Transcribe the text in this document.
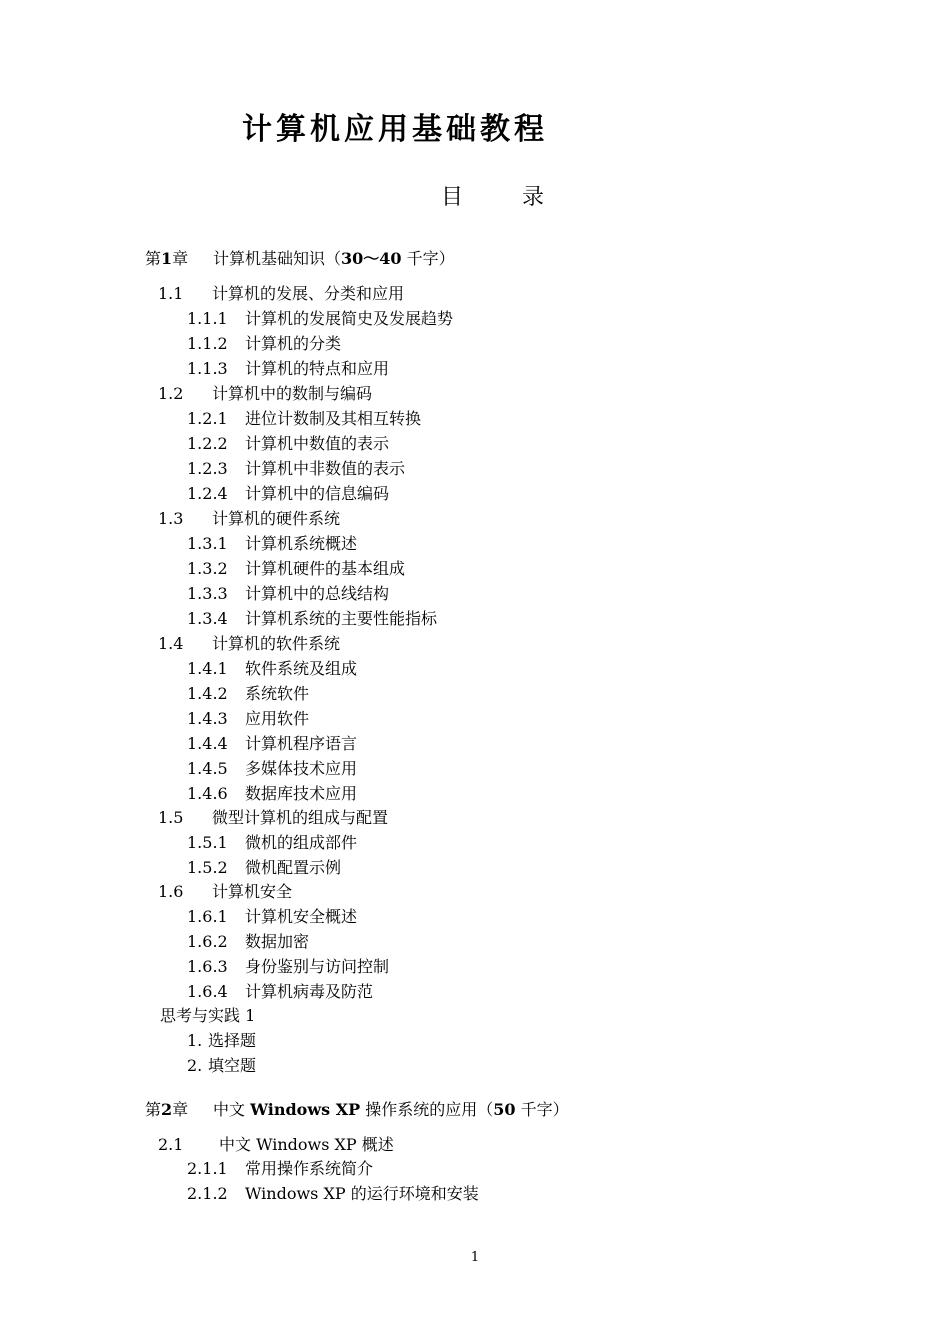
计算机应用基础教程
目 录
第1章 计算机基础知识（30～40 千字）
1.1 计算机的发展、分类和应用
1.1.1 计算机的发展简史及发展趋势
1.1.2 计算机的分类
1.1.3 计算机的特点和应用
1.2 计算机中的数制与编码
1.2.1 进位计数制及其相互转换
1.2.2 计算机中数值的表示
1.2.3 计算机中非数值的表示
1.2.4 计算机中的信息编码
1.3 计算机的硬件系统
1.3.1 计算机系统概述
1.3.2 计算机硬件的基本组成
1.3.3 计算机中的总线结构
1.3.4 计算机系统的主要性能指标
1.4 计算机的软件系统
1.4.1 软件系统及组成
1.4.2 系统软件
1.4.3 应用软件
1.4.4 计算机程序语言
1.4.5 多媒体技术应用
1.4.6 数据库技术应用
1.5 微型计算机的组成与配置
1.5.1 微机的组成部件
1.5.2 微机配置示例
1.6 计算机安全
1.6.1 计算机安全概述
1.6.2 数据加密
1.6.3 身份鉴别与访问控制
1.6.4 计算机病毒及防范
思考与实践 1
1. 选择题
2. 填空题
第2章 中文 Windows XP 操作系统的应用（50 千字）
2.1 中文 Windows XP 概述
2.1.1 常用操作系统简介
2.1.2 Windows XP 的运行环境和安装
1
